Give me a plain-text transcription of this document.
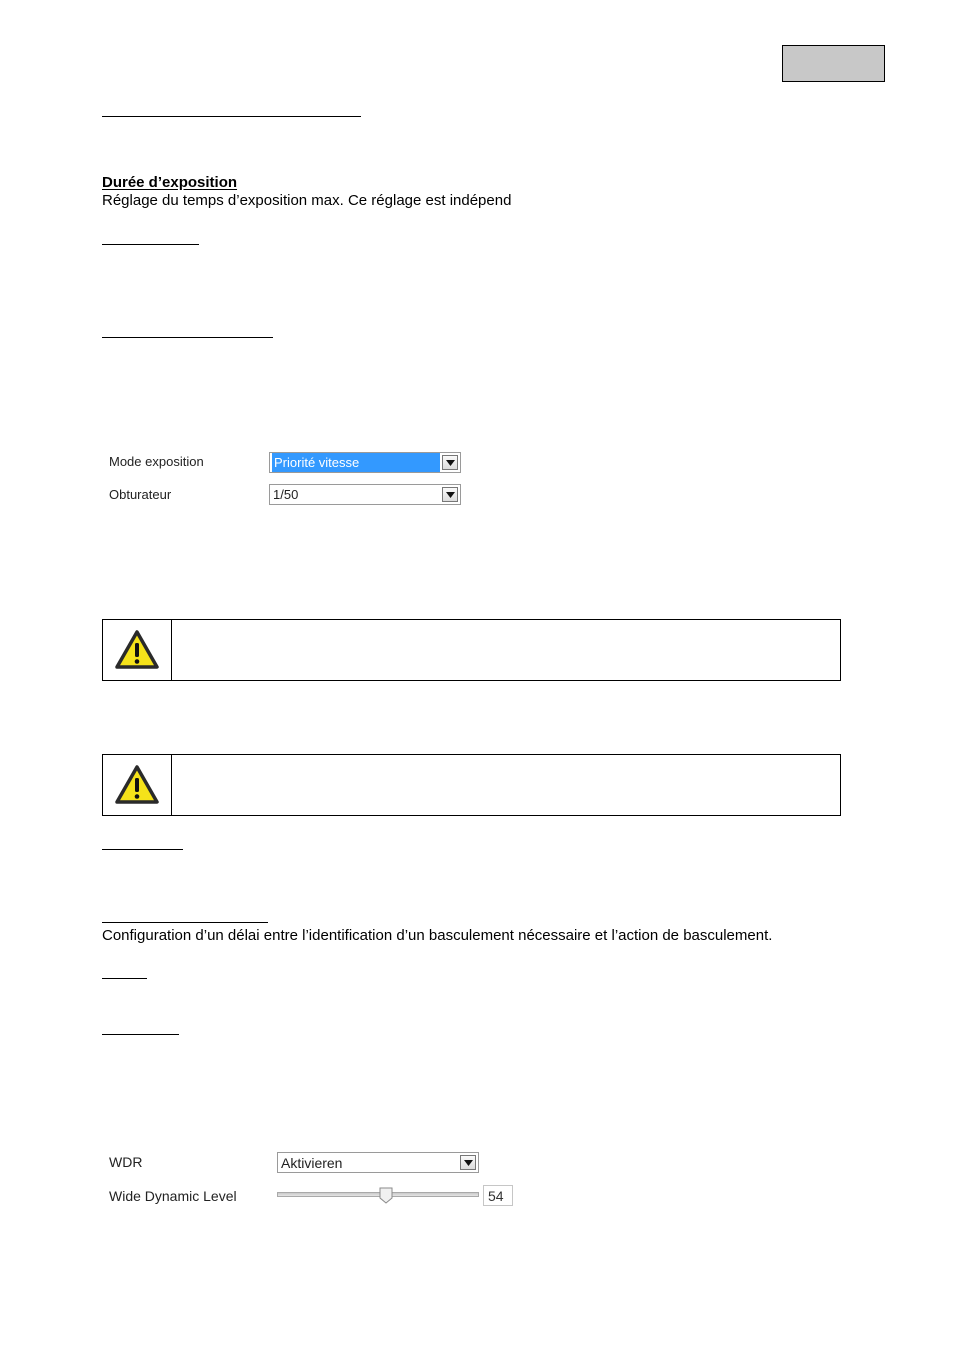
Durée d’exposition
Réglage du temps d’exposition max. Ce réglage est indépend
Mode exposition	Priorité vitesse
Obturateur	1/50
Configuration d’un délai entre l’identification d’un basculement nécessaire et l’action de basculement.
WDR	Aktivieren
Wide Dynamic Level	54
